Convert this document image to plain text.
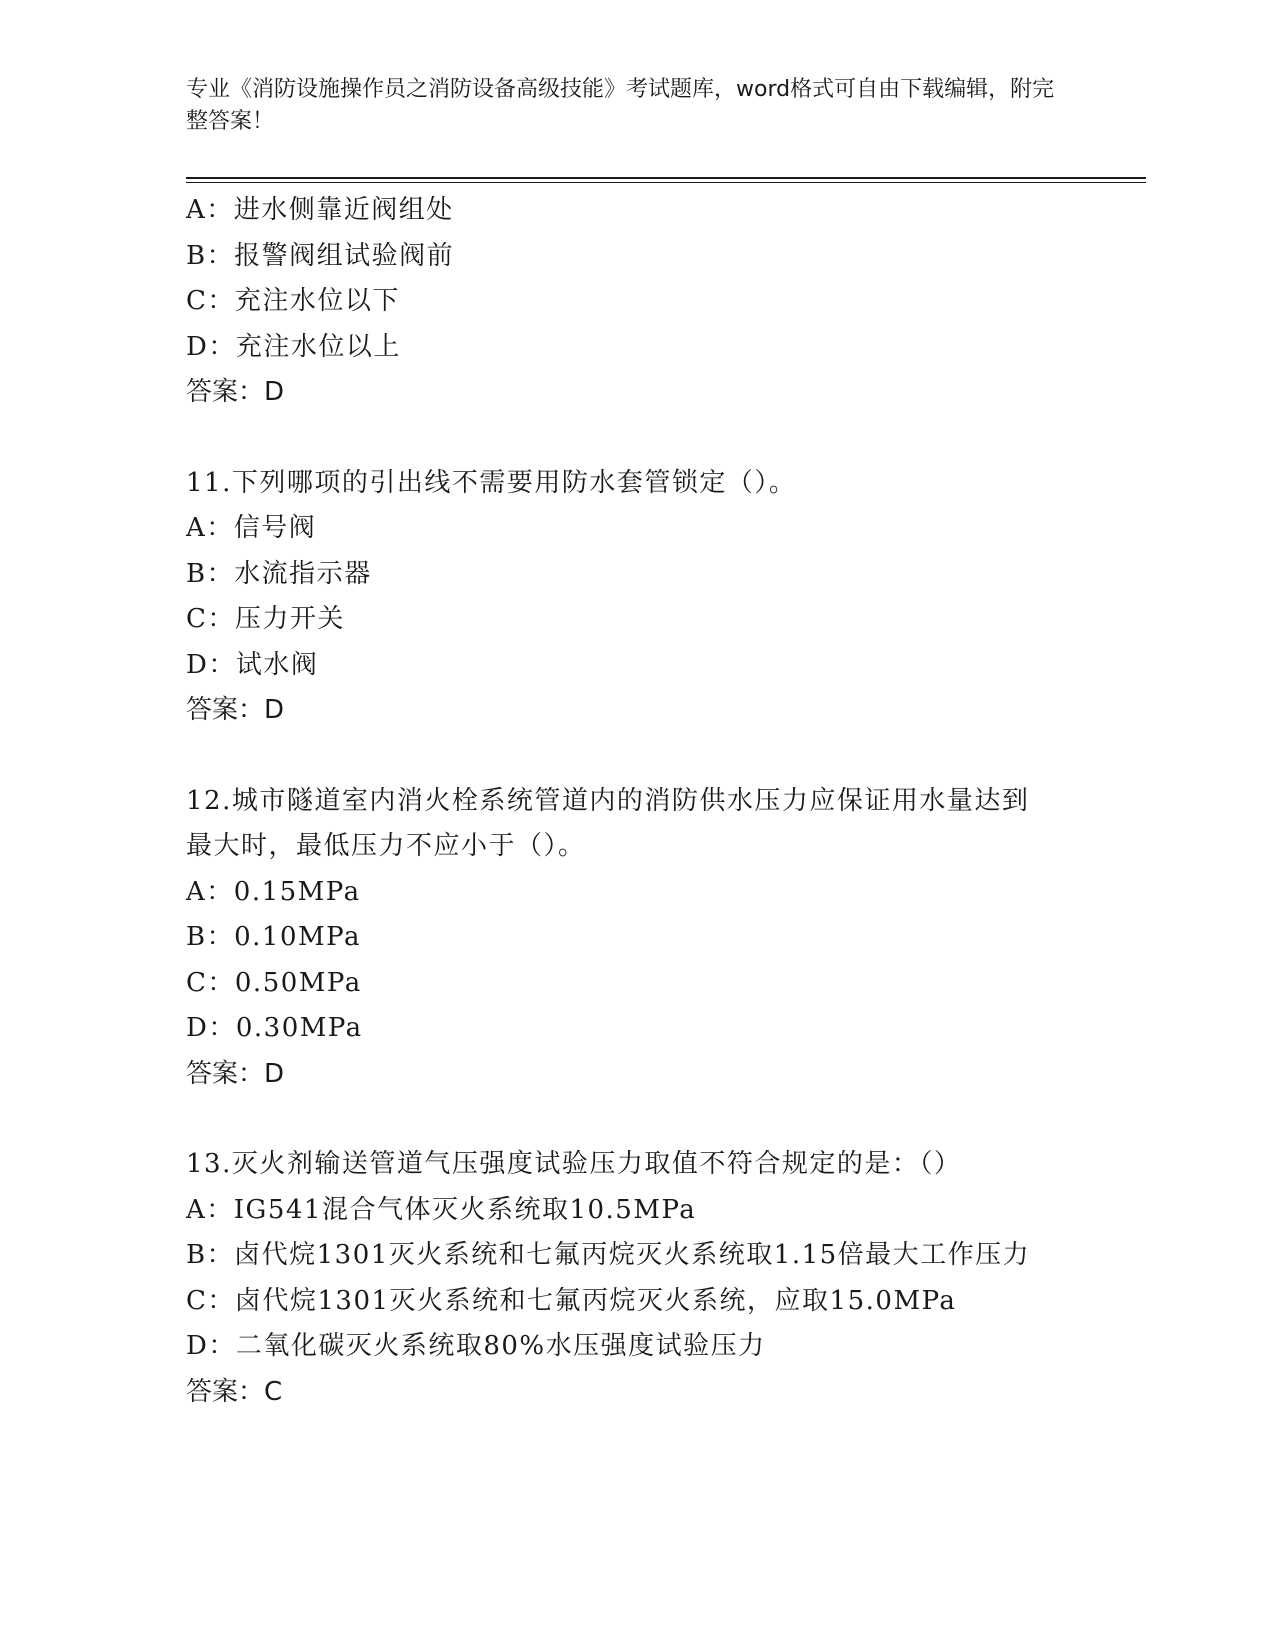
专业《消防设施操作员之消防设备高级技能》考试题库，word格式可自由下载编辑，附完整答案！
A：进水侧靠近阀组处
B：报警阀组试验阀前
C：充注水位以下
D：充注水位以上
答案：D
11.下列哪项的引出线不需要用防水套管锁定（）。
A：信号阀
B：水流指示器
C：压力开关
D：试水阀
答案：D
12.城市隧道室内消火栓系统管道内的消防供水压力应保证用水量达到
最大时，最低压力不应小于（）。
A：0.15MPa
B：0.10MPa
C：0.50MPa
D：0.30MPa
答案：D
13.灭火剂输送管道气压强度试验压力取值不符合规定的是：（）
A：IG541混合气体灭火系统取10.5MPa
B：卤代烷1301灭火系统和七氟丙烷灭火系统取1.15倍最大工作压力
C：卤代烷1301灭火系统和七氟丙烷灭火系统，应取15.0MPa
D：二氧化碳灭火系统取80%水压强度试验压力
答案：C
